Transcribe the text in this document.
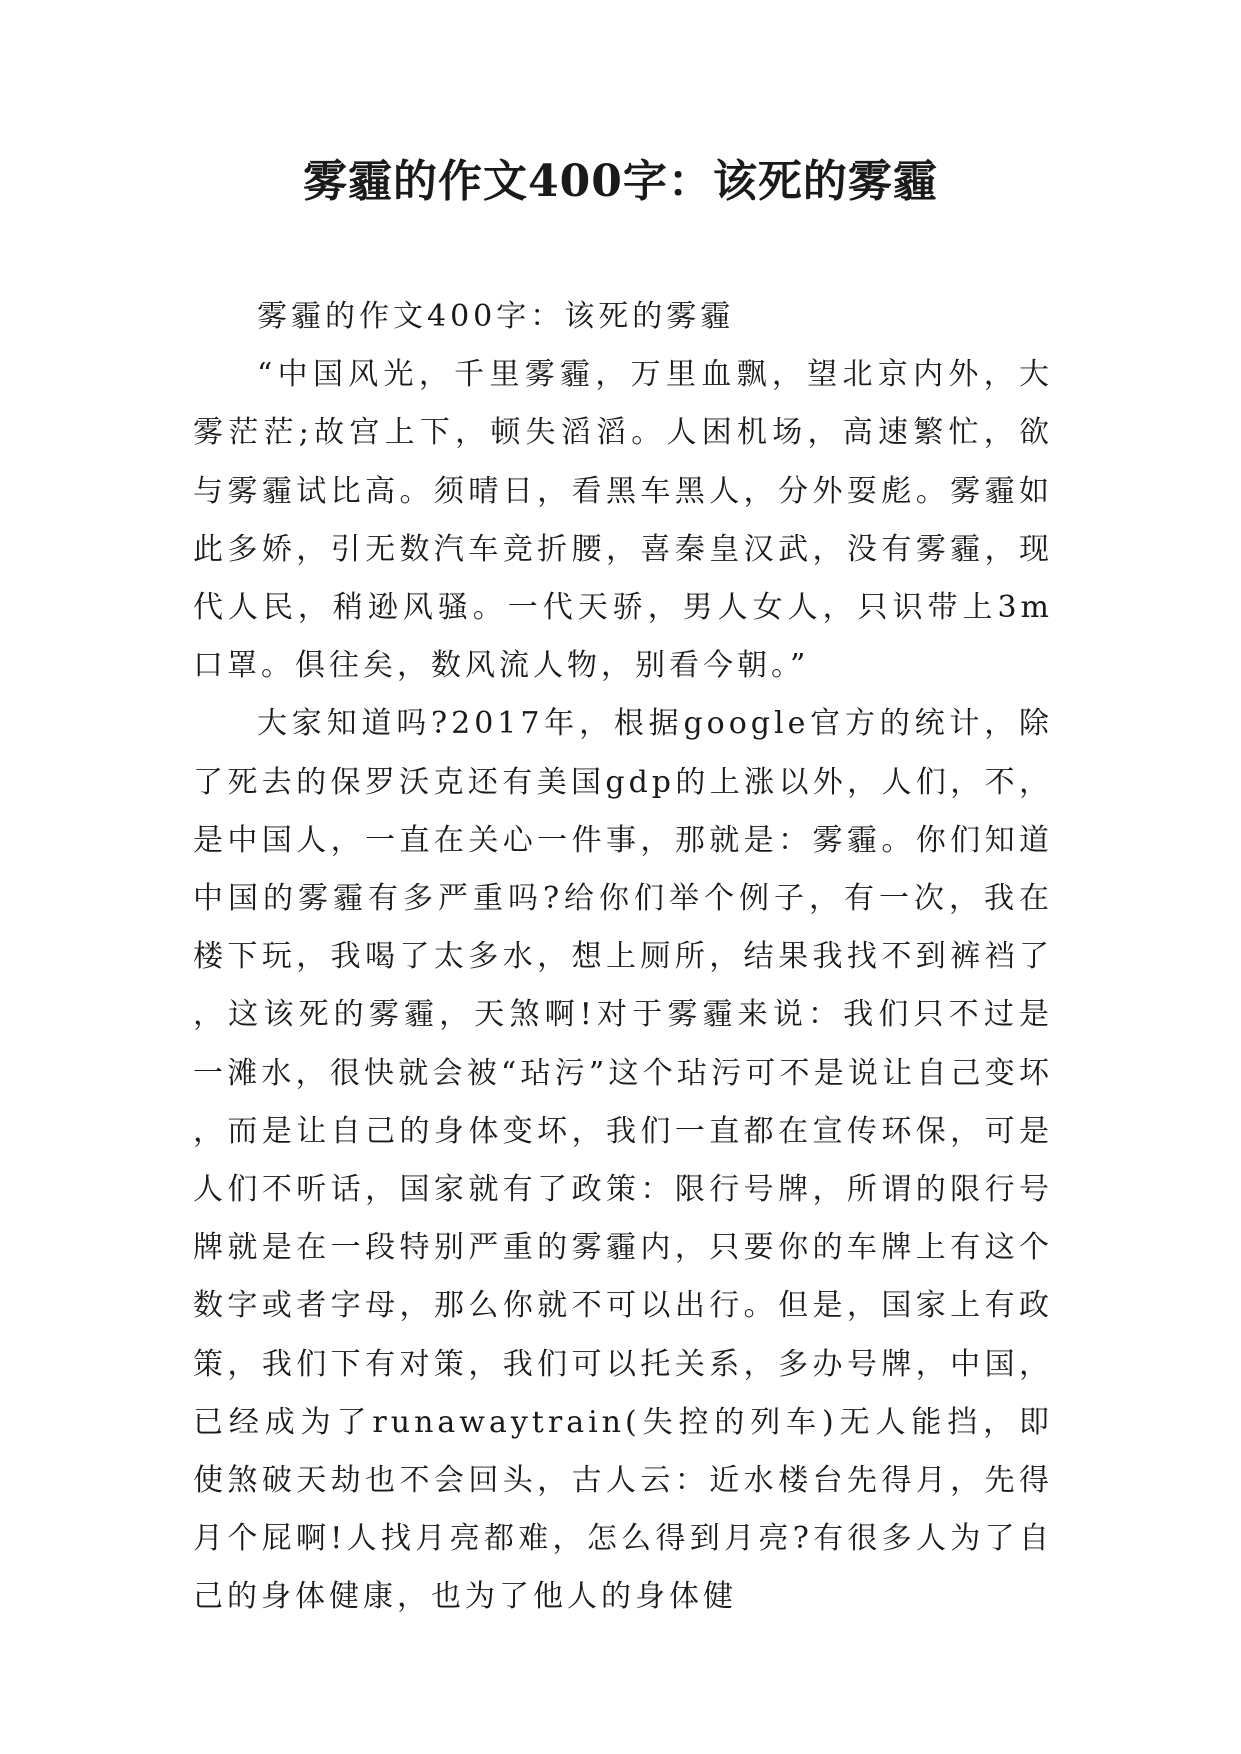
雾霾的作文400字：该死的雾霾

雾霾的作文400字：该死的雾霾

“中国风光，千里雾霾，万里血飘，望北京内外，大雾茫茫;故宫上下，顿失滔滔。人困机场，高速繁忙，欲与雾霾试比高。须晴日，看黑车黑人，分外耍彪。雾霾如此多娇，引无数汽车竞折腰，喜秦皇汉武，没有雾霾，现代人民，稍逊风骚。一代天骄，男人女人，只识带上3m口罩。俱往矣，数风流人物，别看今朝。”

大家知道吗?2017年，根据google官方的统计，除了死去的保罗沃克还有美国gdp的上涨以外，人们，不，是中国人，一直在关心一件事，那就是：雾霾。你们知道中国的雾霾有多严重吗?给你们举个例子，有一次，我在楼下玩，我喝了太多水，想上厕所，结果我找不到裤裆了，这该死的雾霾，天煞啊!对于雾霾来说：我们只不过是一滩水，很快就会被“玷污”这个玷污可不是说让自己变坏，而是让自己的身体变坏，我们一直都在宣传环保，可是人们不听话，国家就有了政策：限行号牌，所谓的限行号牌就是在一段特别严重的雾霾内，只要你的车牌上有这个数字或者字母，那么你就不可以出行。但是，国家上有政策，我们下有对策，我们可以托关系，多办号牌，中国，已经成为了runawaytrain(失控的列车)无人能挡，即使煞破天劫也不会回头，古人云：近水楼台先得月，先得月个屁啊!人找月亮都难，怎么得到月亮?有很多人为了自己的身体健康，也为了他人的身体健
